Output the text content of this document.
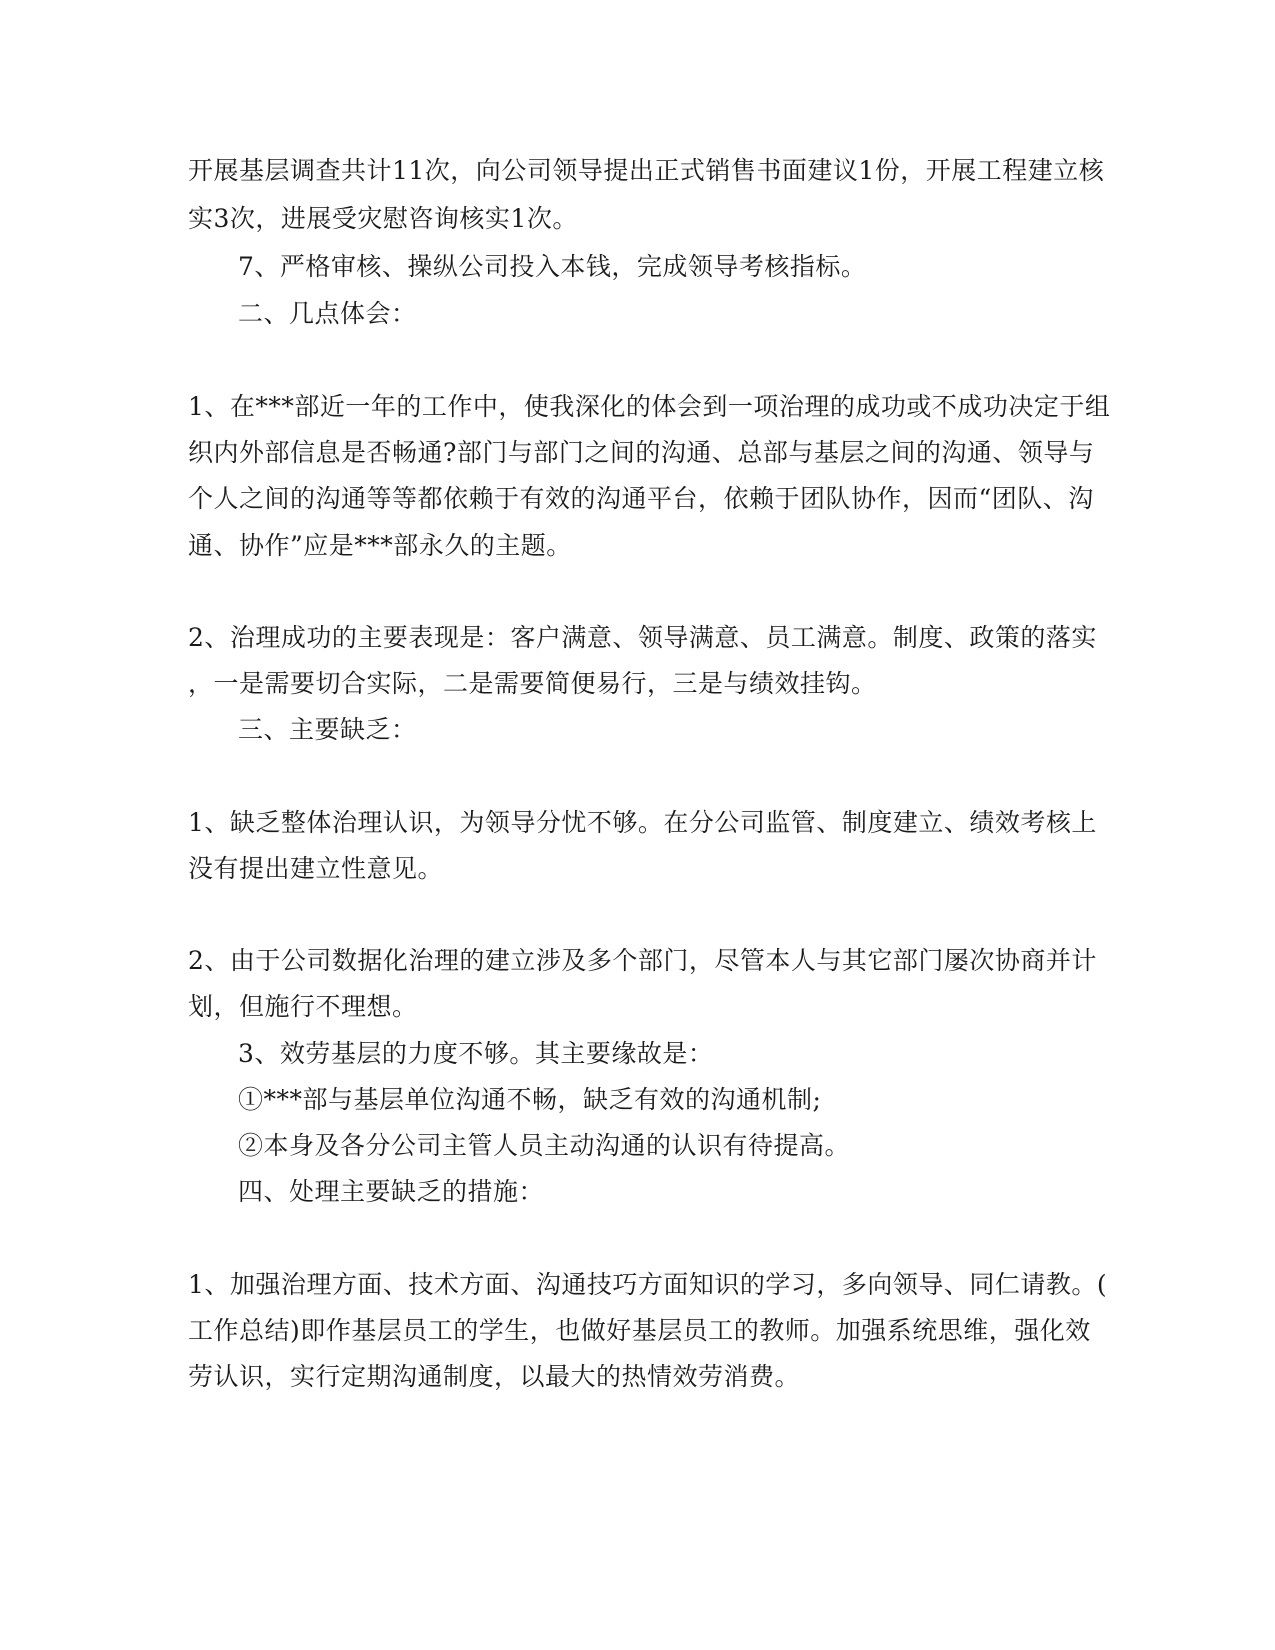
开展基层调查共计11次，向公司领导提出正式销售书面建议1份，开展工程建立核
实3次，进展受灾慰咨询核实1次。
7、严格审核、操纵公司投入本钱，完成领导考核指标。
二、几点体会：
1、在***部近一年的工作中，使我深化的体会到一项治理的成功或不成功决定于组
织内外部信息是否畅通?部门与部门之间的沟通、总部与基层之间的沟通、领导与
个人之间的沟通等等都依赖于有效的沟通平台，依赖于团队协作，因而“团队、沟
通、协作”应是***部永久的主题。
2、治理成功的主要表现是：客户满意、领导满意、员工满意。制度、政策的落实
，一是需要切合实际，二是需要简便易行，三是与绩效挂钩。
三、主要缺乏：
1、缺乏整体治理认识，为领导分忧不够。在分公司监管、制度建立、绩效考核上
没有提出建立性意见。
2、由于公司数据化治理的建立涉及多个部门，尽管本人与其它部门屡次协商并计
划，但施行不理想。
3、效劳基层的力度不够。其主要缘故是：
①***部与基层单位沟通不畅，缺乏有效的沟通机制;
②本身及各分公司主管人员主动沟通的认识有待提高。
四、处理主要缺乏的措施：
1、加强治理方面、技术方面、沟通技巧方面知识的学习，多向领导、同仁请教。(
工作总结)即作基层员工的学生，也做好基层员工的教师。加强系统思维，强化效
劳认识，实行定期沟通制度，以最大的热情效劳消费。
